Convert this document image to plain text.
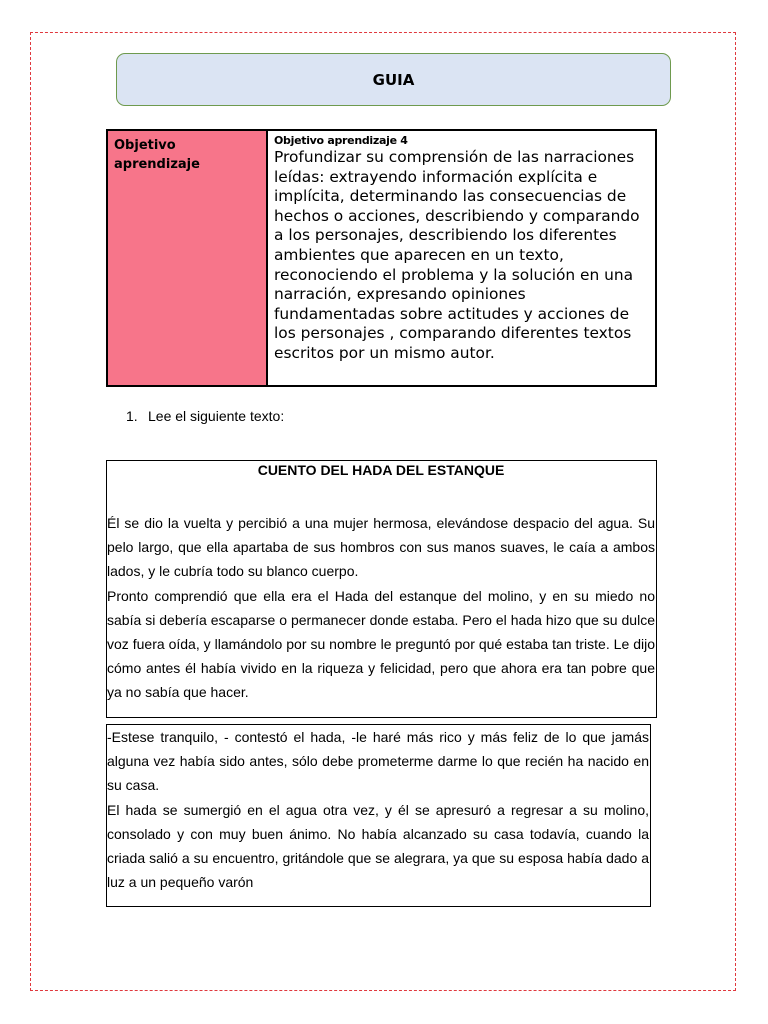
GUIA
Objetivo aprendizaje
Objetivo aprendizaje 4
Profundizar su comprensión de las narraciones leídas: extrayendo información explícita e implícita, determinando las consecuencias de hechos o acciones, describiendo y comparando a los personajes, describiendo los diferentes ambientes que aparecen en un texto, reconociendo el problema y la solución en una narración, expresando opiniones fundamentadas sobre actitudes y acciones de los personajes , comparando diferentes textos escritos por un mismo autor.
1. Lee el siguiente texto:
CUENTO DEL HADA DEL ESTANQUE

Él se dio la vuelta y percibió a una mujer hermosa, elevándose despacio del agua. Su pelo largo, que ella apartaba de sus hombros con sus manos suaves, le caía a ambos lados, y le cubría todo su blanco cuerpo.

Pronto comprendió que ella era el Hada del estanque del molino, y en su miedo no sabía si debería escaparse o permanecer donde estaba. Pero el hada hizo que su dulce voz fuera oída, y llamándolo por su nombre le preguntó por qué estaba tan triste. Le dijo cómo antes él había vivido en la riqueza y felicidad, pero que ahora era tan pobre que ya no sabía que hacer.

-Estese tranquilo, - contestó el hada, -le haré más rico y más feliz de lo que jamás alguna vez había sido antes, sólo debe prometerme darme lo que recién ha nacido en su casa.

El hada se sumergió en el agua otra vez, y él se apresuró a regresar a su molino, consolado y con muy buen ánimo. No había alcanzado su casa todavía, cuando la criada salió a su encuentro, gritándole que se alegrara, ya que su esposa había dado a luz a un pequeño varón
